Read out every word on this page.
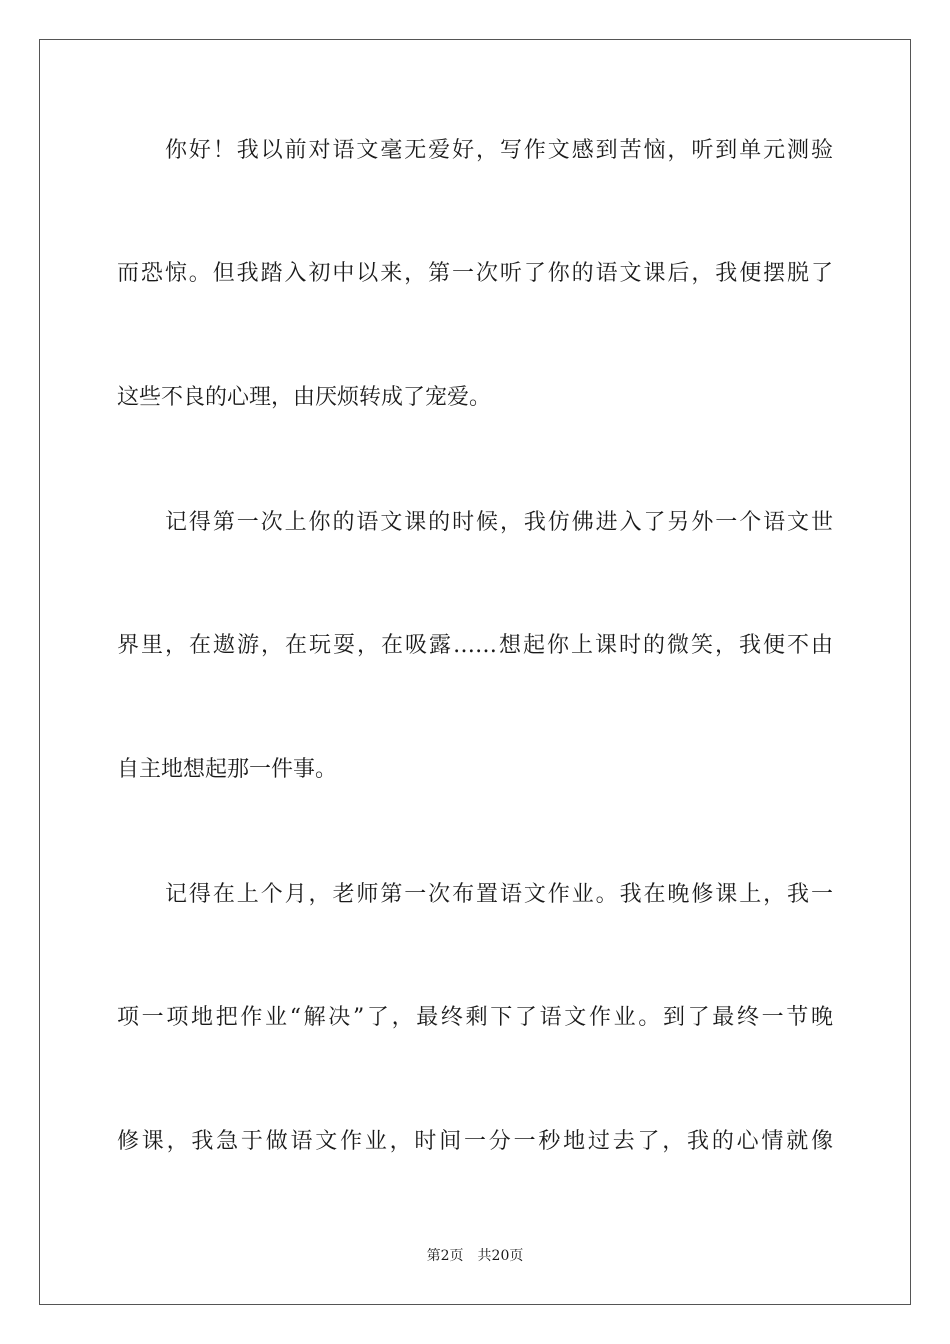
你好！我以前对语文毫无爱好，写作文感到苦恼，听到单元测验
而恐惊。但我踏入初中以来，第一次听了你的语文课后，我便摆脱了
这些不良的心理，由厌烦转成了宠爱。
记得第一次上你的语文课的时候，我仿佛进入了另外一个语文世
界里，在遨游，在玩耍，在吸露……想起你上课时的微笑，我便不由
自主地想起那一件事。
记得在上个月，老师第一次布置语文作业。我在晚修课上，我一
项一项地把作业“解决”了，最终剩下了语文作业。到了最终一节晚
修课，我急于做语文作业，时间一分一秒地过去了，我的心情就像
第2页 共20页
